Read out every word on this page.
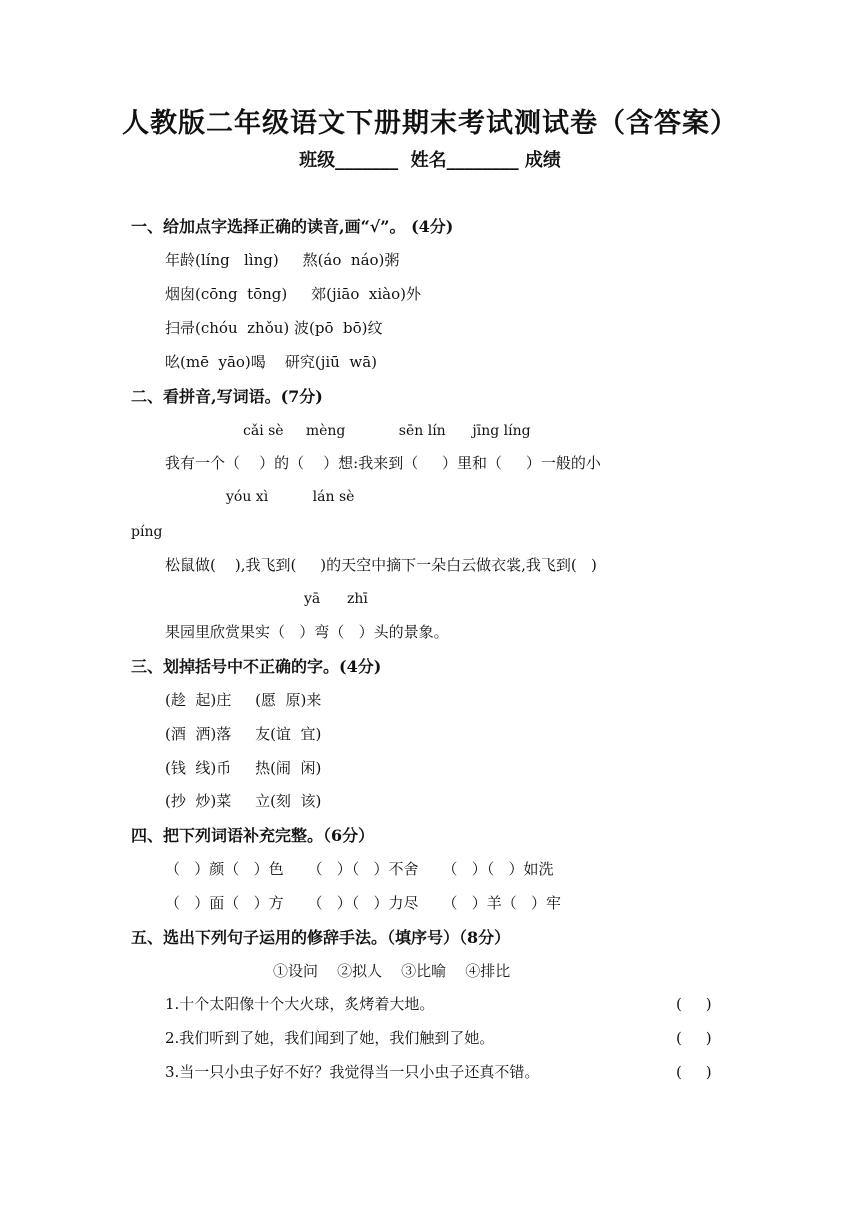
人教版二年级语文下册期末考试测试卷（含答案）
班级_______  姓名________ 成绩
一、给加点字选择正确的读音,画“√”。 (4分)
年龄(líng   lìng)     熬(áo  náo)粥
烟囱(cōng  tōng)     郊(jiāo  xiào)外
扫帚(chóu  zhǒu) 波(pō  bō)纹
吆(mē  yāo)喝    研究(jiū  wā)
二、看拼音,写词语。(7分)
cǎi sè     mèng            sēn lín      jīng líng
我有一个（    ）的（    ）想:我来到（     ）里和（     ）一般的小
yóu xì          lán sè
píng
松鼠做(    ),我飞到(     )的天空中摘下一朵白云做衣裳,我飞到(   )
yā      zhī
果园里欣赏果实（   ）弯（   ）头的景象。
三、划掉括号中不正确的字。(4分)
(趁  起)庄     (愿  原)来
(酒  洒)落     友(谊  宜)
(钱  线)币     热(闹  闲)
(抄  炒)菜     立(刻  该)
四、把下列词语补充完整。（6分）
（   ）颜（   ）色     （   ）（   ）不舍     （   ）（   ）如洗
（   ）面（   ）方     （   ）（   ）力尽     （   ）羊（   ）牢
五、选出下列句子运用的修辞手法。（填序号）（8分）
①设问    ②拟人    ③比喻    ④排比
1.十个太阳像十个大火球，炙烤着大地。	(     )
2.我们听到了她，我们闻到了她，我们触到了她。	(     )
3.当一只小虫子好不好？我觉得当一只小虫子还真不错。	(     )
